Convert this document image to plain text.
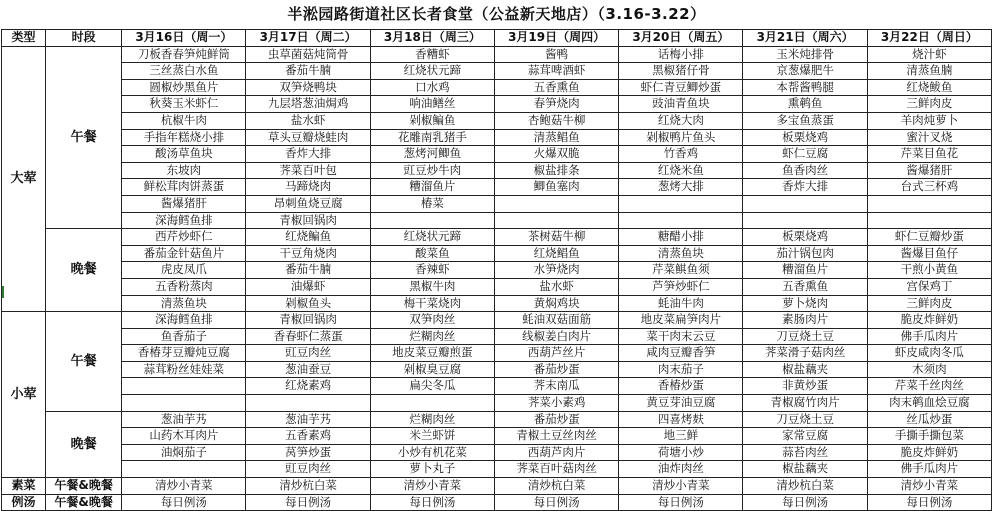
半淞园路街道社区长者食堂（公益新天地店）（3.16-3.22）
类型	时段	3月16日（周一）	3月17日（周二）	3月18日（周三）	3月19日（周四）	3月20日（周五）	3月21日（周六）	3月22日（周日）
大荤	午餐	刀板香春笋炖鲜筒	虫草菌菇炖筒骨	香糟虾	酱鸭	话梅小排	玉米炖排骨	烧汁虾
		三丝蒸白水鱼	番茄牛腩	红烧状元蹄	蒜茸啤酒虾	黑椒猪仔骨	京葱爆肥牛	清蒸鱼腩
		圆椒炒黑鱼片	双笋烧鸭块	口水鸡	五香熏鱼	虾仁青豆鲫炒蛋	本帮酱鸭腿	红烧鲅鱼
		秋葵玉米虾仁	九层塔葱油焗鸡	响油鳝丝	春笋烧肉	豉油青鱼块	熏鹌鱼	三鲜肉皮
		杭椒牛肉	盐水虾	剁椒鳊鱼	杏鲍菇牛柳	红烧大肉	多宝鱼蒸蛋	羊肉炖萝卜
		手指年糕烧小排	草头豆瓣烧蛙肉	花雕南乳猪手	清蒸鲳鱼	剁椒鸭片鱼头	板栗烧鸡	蜜汁叉烧
		酸汤草鱼块	香炸大排	葱烤河鲫鱼	火爆双脆	竹香鸡	虾仁豆腐	芹菜目鱼花
		东坡肉	荠菜百叶包	豇豆炒牛肉	椒盐排条	红烧米鱼	鱼香肉丝	酱爆猪肝
		鲜松茸肉饼蒸蛋	马蹄烧肉	糟溜鱼片	鲫鱼塞肉	葱烤大排	香炸大排	台式三杯鸡
		酱爆猪肝	昂刺鱼烧豆腐	椿菜				
		深海鳕鱼排	青椒回锅肉					
	晚餐	西芹炒虾仁	红烧鳊鱼	红烧状元蹄	茶树菇牛柳	糖醋小排	板栗烧鸡	虾仁豆瓣炒蛋
		番茄金针菇鱼片	干豆角烧肉	酸菜鱼	红烧鲳鱼	清蒸鱼块	茄汁锅包肉	酱爆目鱼仔
		虎皮凤爪	番茄牛腩	香辣虾	水笋烧肉	芹菜鲯鱼须	糟溜鱼片	干煎小黄鱼
		五香粉蒸肉	油爆虾	黑椒牛肉	盐水虾	芦笋炒虾仁	五香熏鱼	宫保鸡丁
		清蒸鱼块	剁椒鱼头	梅干菜烧肉	黄焖鸡块	蚝油牛肉	萝卜烧肉	三鲜肉皮
小荤	午餐	深海鳕鱼排	青椒回锅肉	双笋肉丝	蚝油双菇面筋	地皮菜扁笋肉片	素肠肉片	脆皮炸鲜奶
		鱼香茄子	香春虾仁蒸蛋	烂糊肉丝	线椒姜白肉片	菜干肉末云豆	刀豆烧土豆	佛手瓜肉片
		香椿芽豆瓣炖豆腐	豇豆肉丝	地皮菜豆瓣煎蛋	西葫芦丝片	咸肉豆瓣香笋	荠菜滑子菇肉丝	虾皮咸肉冬瓜
		蒜茸粉丝娃娃菜	葱油蚕豆	剁椒臭豆腐	番茄炒蛋	肉末茄子	椒盐藕夹	木须肉
			红烧素鸡	扁尖冬瓜	荠末南瓜	香椿炒蛋	非黄炒蛋	芹菜千丝肉丝
					荠菜小素鸡	黄豆芽油豆腐	青椒腐竹肉片	肉末鹌血烩豆腐
	晚餐	葱油芋艿	葱油芋艿	烂糊肉丝	番茄炒蛋	四喜烤麸	刀豆烧土豆	丝瓜炒蛋
		山药木耳肉片	五香素鸡	米兰虾饼	青椒土豆丝肉丝	地三鲜	家常豆腐	手撕手撕包菜
		油焖茄子	莴笋炒蛋	小炒有机花菜	西葫芦肉片	荷塘小炒	蒜苔肉丝	脆皮炸鲜奶
			豇豆肉丝	萝卜丸子	荠菜百叶菇肉丝	油炸肉丝	椒盐藕夹	佛手瓜肉片
素菜	午餐&晚餐	清炒小青菜	清炒杭白菜	清炒小青菜	清炒杭白菜	清炒小青菜	清炒杭白菜	清炒小青菜
例汤	午餐&晚餐	每日例汤	每日例汤	每日例汤	每日例汤	每日例汤	每日例汤	每日例汤
